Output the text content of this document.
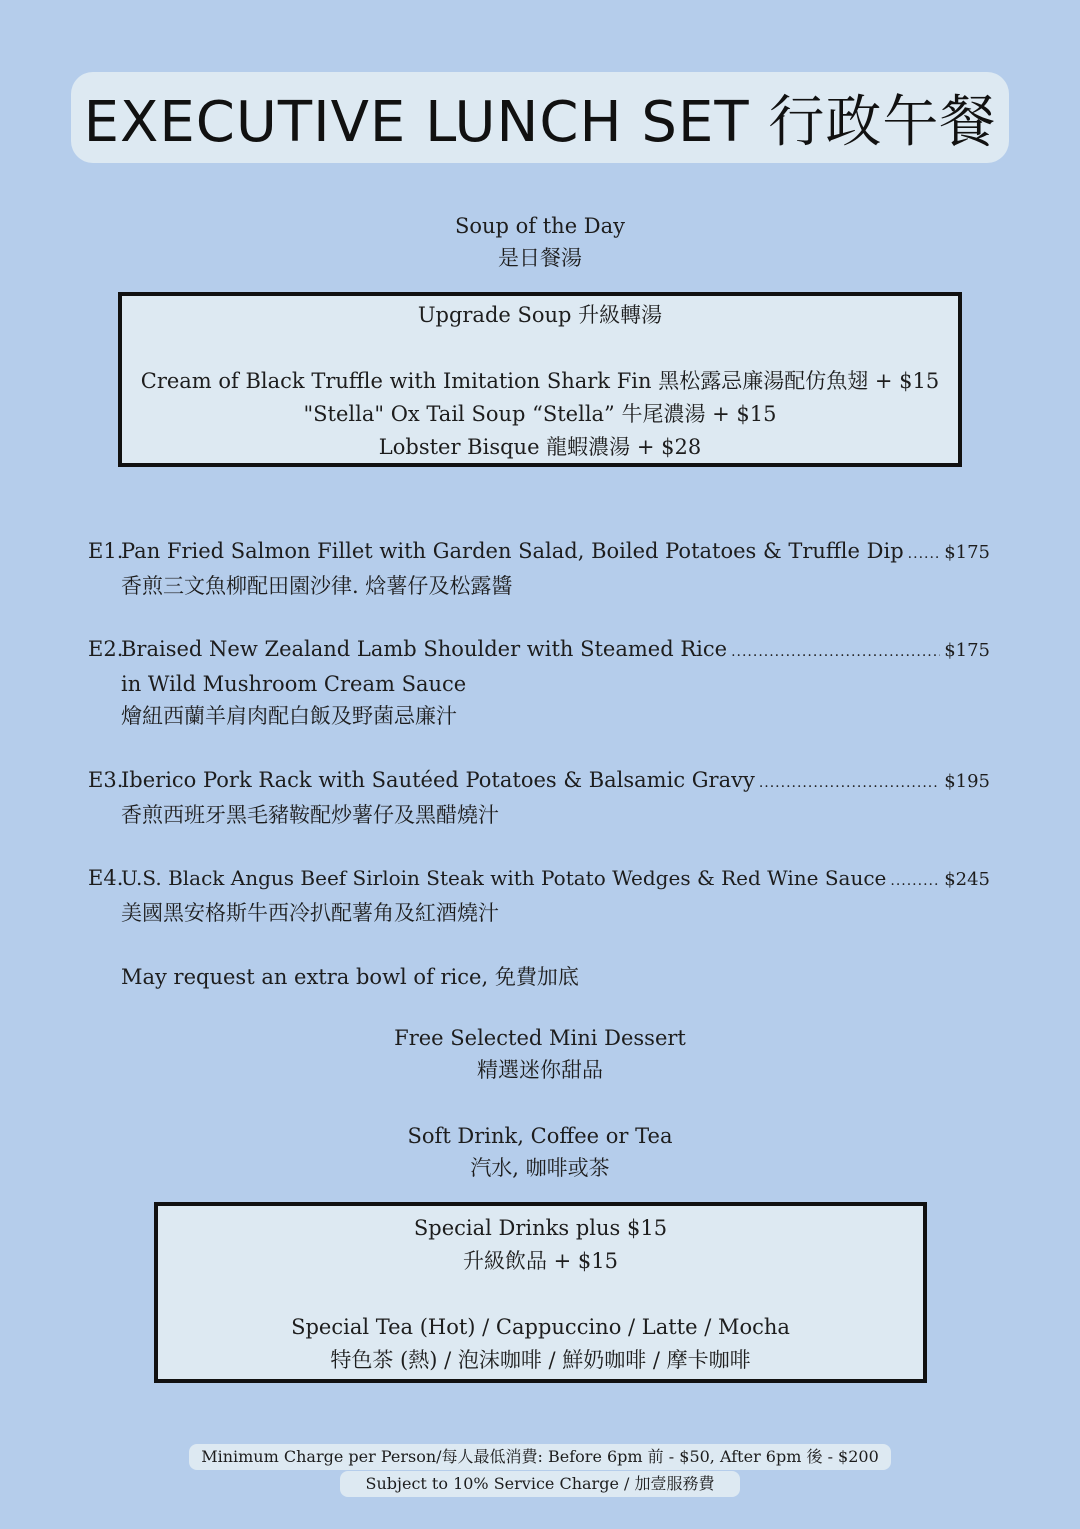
EXECUTIVE LUNCH SET 行政午餐
Soup of the Day
是日餐湯
Upgrade Soup 升級轉湯
Cream of Black Truffle with Imitation Shark Fin 黑松露忌廉湯配仿魚翅 + $15
"Stella" Ox Tail Soup “Stella” 牛尾濃湯 + $15
Lobster Bisque 龍蝦濃湯 + $28
E1.
Pan Fried Salmon Fillet with Garden Salad, Boiled Potatoes & Truffle Dip ..... $175
香煎三文魚柳配田園沙律. 焓薯仔及松露醬
E2.
Braised New Zealand Lamb Shoulder with Steamed Rice .....	$175
in Wild Mushroom Cream Sauce
燴紐西蘭羊肩肉配白飯及野菌忌廉汁
E3.
Iberico Pork Rack with Sautéed Potatoes & Balsamic Gravy .....	$195
香煎西班牙黑毛豬鞍配炒薯仔及黑醋燒汁
E4.
U.S. Black Angus Beef Sirloin Steak with Potato Wedges & Red Wine Sauce .....	$245
美國黑安格斯牛西冷扒配薯角及紅酒燒汁
May request an extra bowl of rice, 免費加底
Free Selected Mini Dessert
精選迷你甜品
Soft Drink, Coffee or Tea
汽水, 咖啡或茶
Special Drinks plus $15
升級飲品 + $15
Special Tea (Hot) / Cappuccino / Latte / Mocha
特色茶 (熱) / 泡沫咖啡 / 鮮奶咖啡 / 摩卡咖啡
Minimum Charge per Person/每人最低消費: Before 6pm 前 - $50, After 6pm 後 - $200
Subject to 10% Service Charge / 加壹服務費
